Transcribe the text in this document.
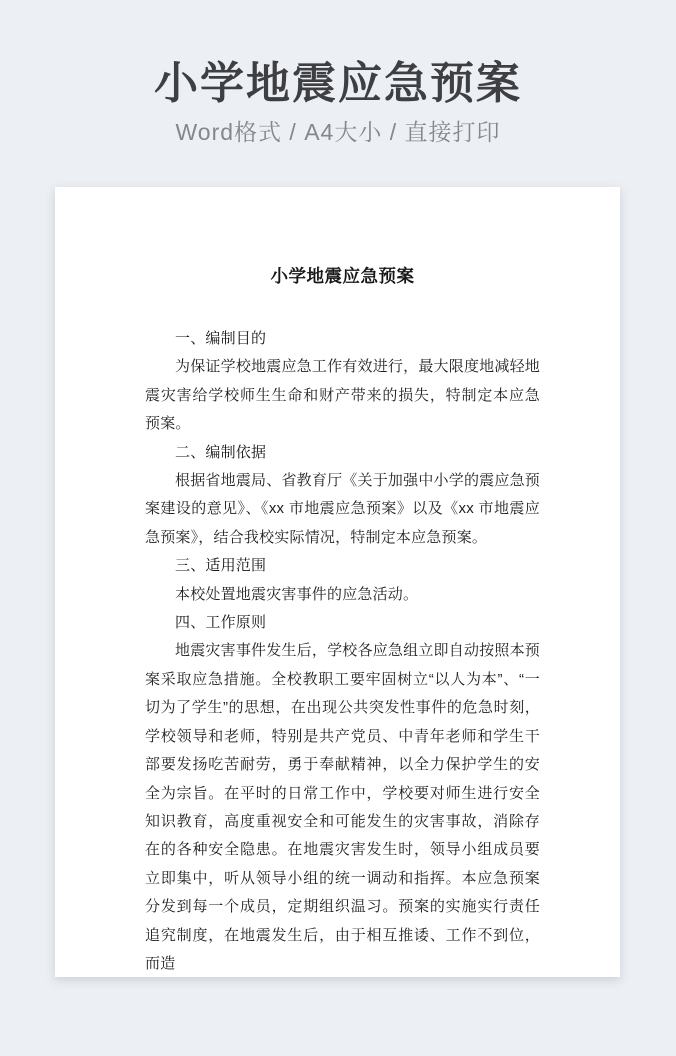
小学地震应急预案
Word格式 / A4大小 / 直接打印
小学地震应急预案

一、编制目的

为保证学校地震应急工作有效进行，最大限度地减轻地震灾害给学校师生生命和财产带来的损失，特制定本应急预案。

二、编制依据

根据省地震局、省教育厅《关于加强中小学的震应急预案建设的意见》、《xx 市地震应急预案》以及《xx 市地震应急预案》，结合我校实际情况，特制定本应急预案。

三、适用范围

本校处置地震灾害事件的应急活动。

四、工作原则

地震灾害事件发生后，学校各应急组立即自动按照本预案采取应急措施。全校教职工要牢固树立“以人为本”、“一切为了学生”的思想，在出现公共突发性事件的危急时刻，学校领导和老师，特别是共产党员、中青年老师和学生干部要发扬吃苦耐劳，勇于奉献精神，以全力保护学生的安全为宗旨。在平时的日常工作中，学校要对师生进行安全知识教育，高度重视安全和可能发生的灾害事故，消除存在的各种安全隐患。在地震灾害发生时，领导小组成员要立即集中，听从领导小组的统一调动和指挥。本应急预案分发到每一个成员，定期组织温习。预案的实施实行责任追究制度，在地震发生后，由于相互推诿、工作不到位，而造
